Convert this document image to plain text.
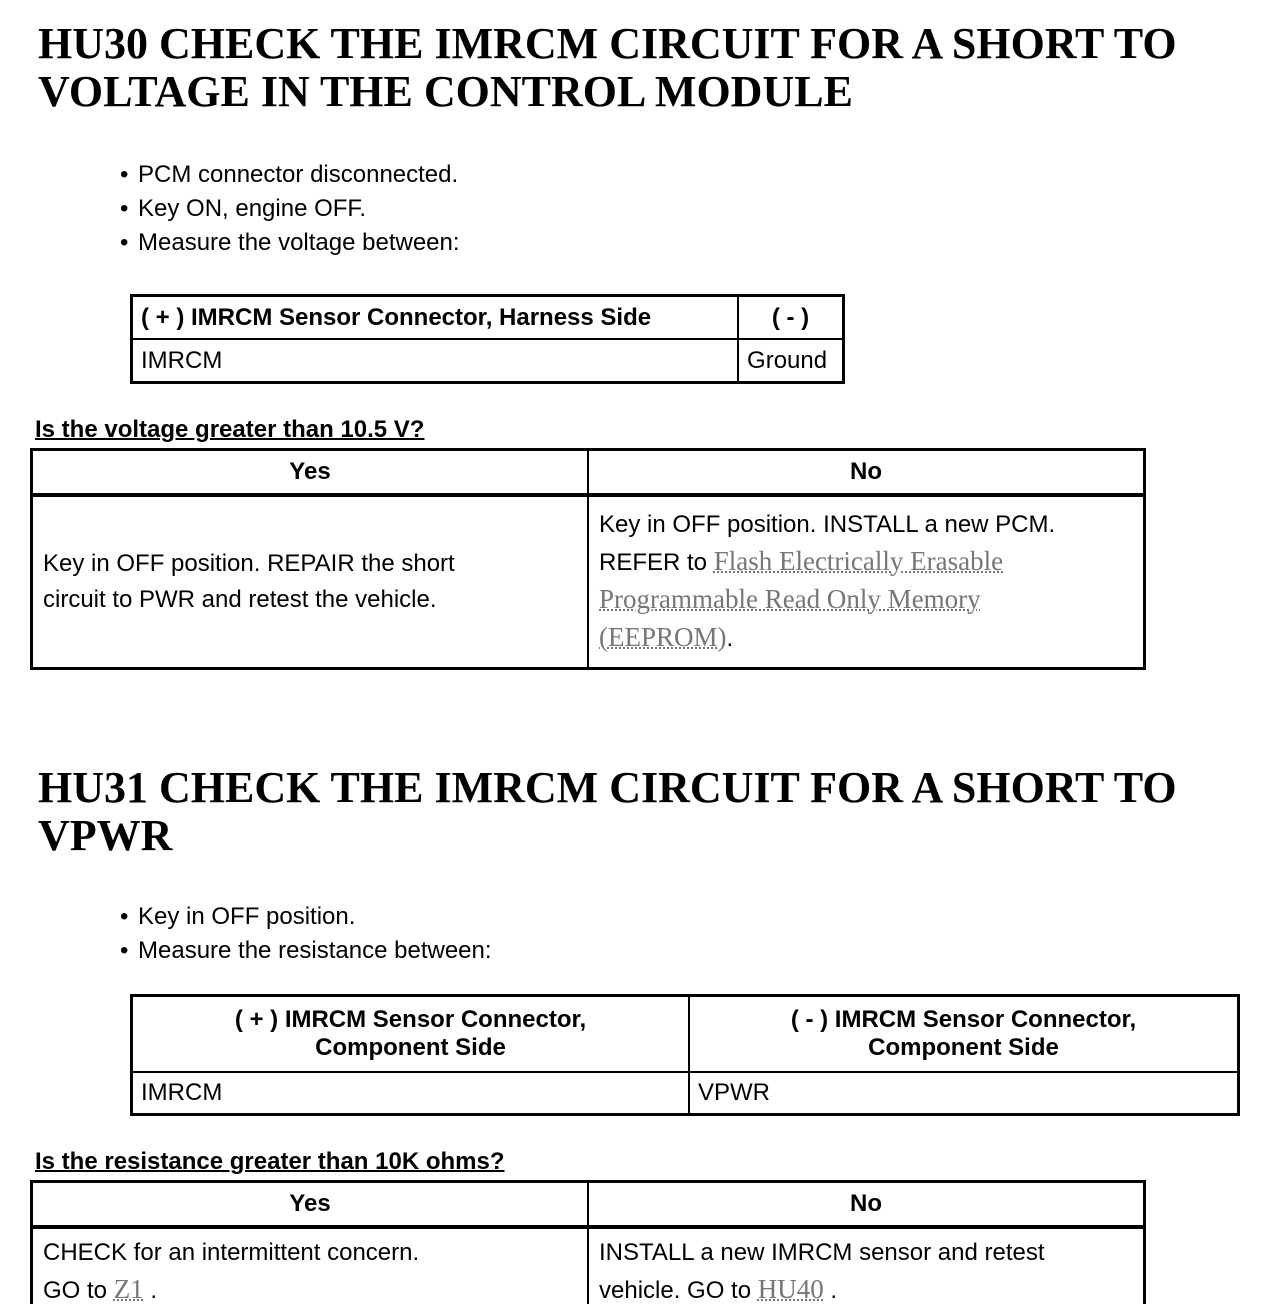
HU30 CHECK THE IMRCM CIRCUIT FOR A SHORT TO
VOLTAGE IN THE CONTROL MODULE
• PCM connector disconnected.
• Key ON, engine OFF.
• Measure the voltage between:
( + ) IMRCM Sensor Connector, Harness Side	( - )
IMRCM	Ground
Is the voltage greater than 10.5 V?
Yes	No

Key in OFF position. REPAIR the short
circuit to PWR and retest the vehicle.	Key in OFF position. INSTALL a new PCM.
REFER to Flash Electrically Erasable
Programmable Read Only Memory
(EEPROM).
HU31 CHECK THE IMRCM CIRCUIT FOR A SHORT TO VPWR
• Key in OFF position.
• Measure the resistance between:
( + ) IMRCM Sensor Connector,
Component Side	( - ) IMRCM Sensor Connector,
Component Side
IMRCM	VPWR
Is the resistance greater than 10K ohms?
Yes	No

CHECK for an intermittent concern.
GO to Z1 .	INSTALL a new IMRCM sensor and retest
vehicle. GO to HU40 .
